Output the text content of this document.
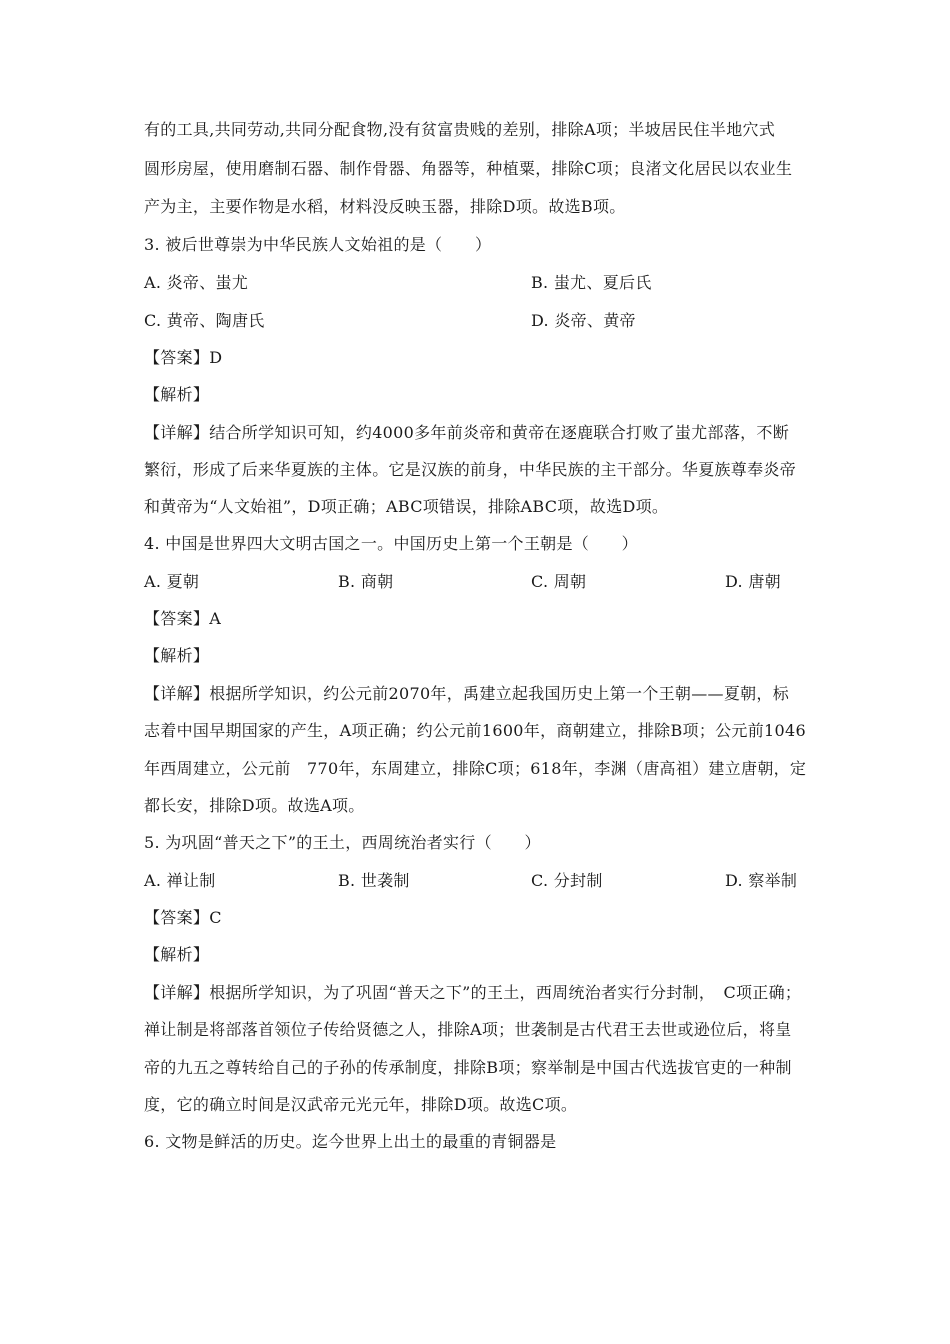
有的工具,共同劳动,共同分配食物,没有贫富贵贱的差别，排除A项；半坡居民住半地穴式
圆形房屋，使用磨制石器、制作骨器、角器等，种植粟，排除C项；良渚文化居民以农业生
产为主，主要作物是水稻，材料没反映玉器，排除D项。故选B项。
3. 被后世尊崇为中华民族人文始祖的是（　　）
A. 炎帝、蚩尤	B. 蚩尤、夏后氏
C. 黄帝、陶唐氏	D. 炎帝、黄帝
【答案】D
【解析】
【详解】结合所学知识可知，约4000多年前炎帝和黄帝在逐鹿联合打败了蚩尤部落，不断
繁衍，形成了后来华夏族的主体。它是汉族的前身，中华民族的主干部分。华夏族尊奉炎帝
和黄帝为“人文始祖”，D项正确；ABC项错误，排除ABC项，故选D项。
4. 中国是世界四大文明古国之一。中国历史上第一个王朝是（　　）
A. 夏朝	B. 商朝	C. 周朝	D. 唐朝
【答案】A
【解析】
【详解】根据所学知识，约公元前2070年，禹建立起我国历史上第一个王朝——夏朝，标
志着中国早期国家的产生，A项正确；约公元前1600年，商朝建立，排除B项；公元前1046
年西周建立，公元前　770年，东周建立，排除C项；618年，李渊（唐高祖）建立唐朝，定
都长安，排除D项。故选A项。
5. 为巩固“普天之下”的王土，西周统治者实行（　　）
A. 禅让制	B. 世袭制	C. 分封制	D. 察举制
【答案】C
【解析】
【详解】根据所学知识，为了巩固“普天之下”的王土，西周统治者实行分封制，　C项正确；
禅让制是将部落首领位子传给贤德之人，排除A项；世袭制是古代君王去世或逊位后，将皇
帝的九五之尊转给自己的子孙的传承制度，排除B项；察举制是中国古代选拔官吏的一种制
度，它的确立时间是汉武帝元光元年，排除D项。故选C项。
6. 文物是鲜活的历史。迄今世界上出土的最重的青铜器是
